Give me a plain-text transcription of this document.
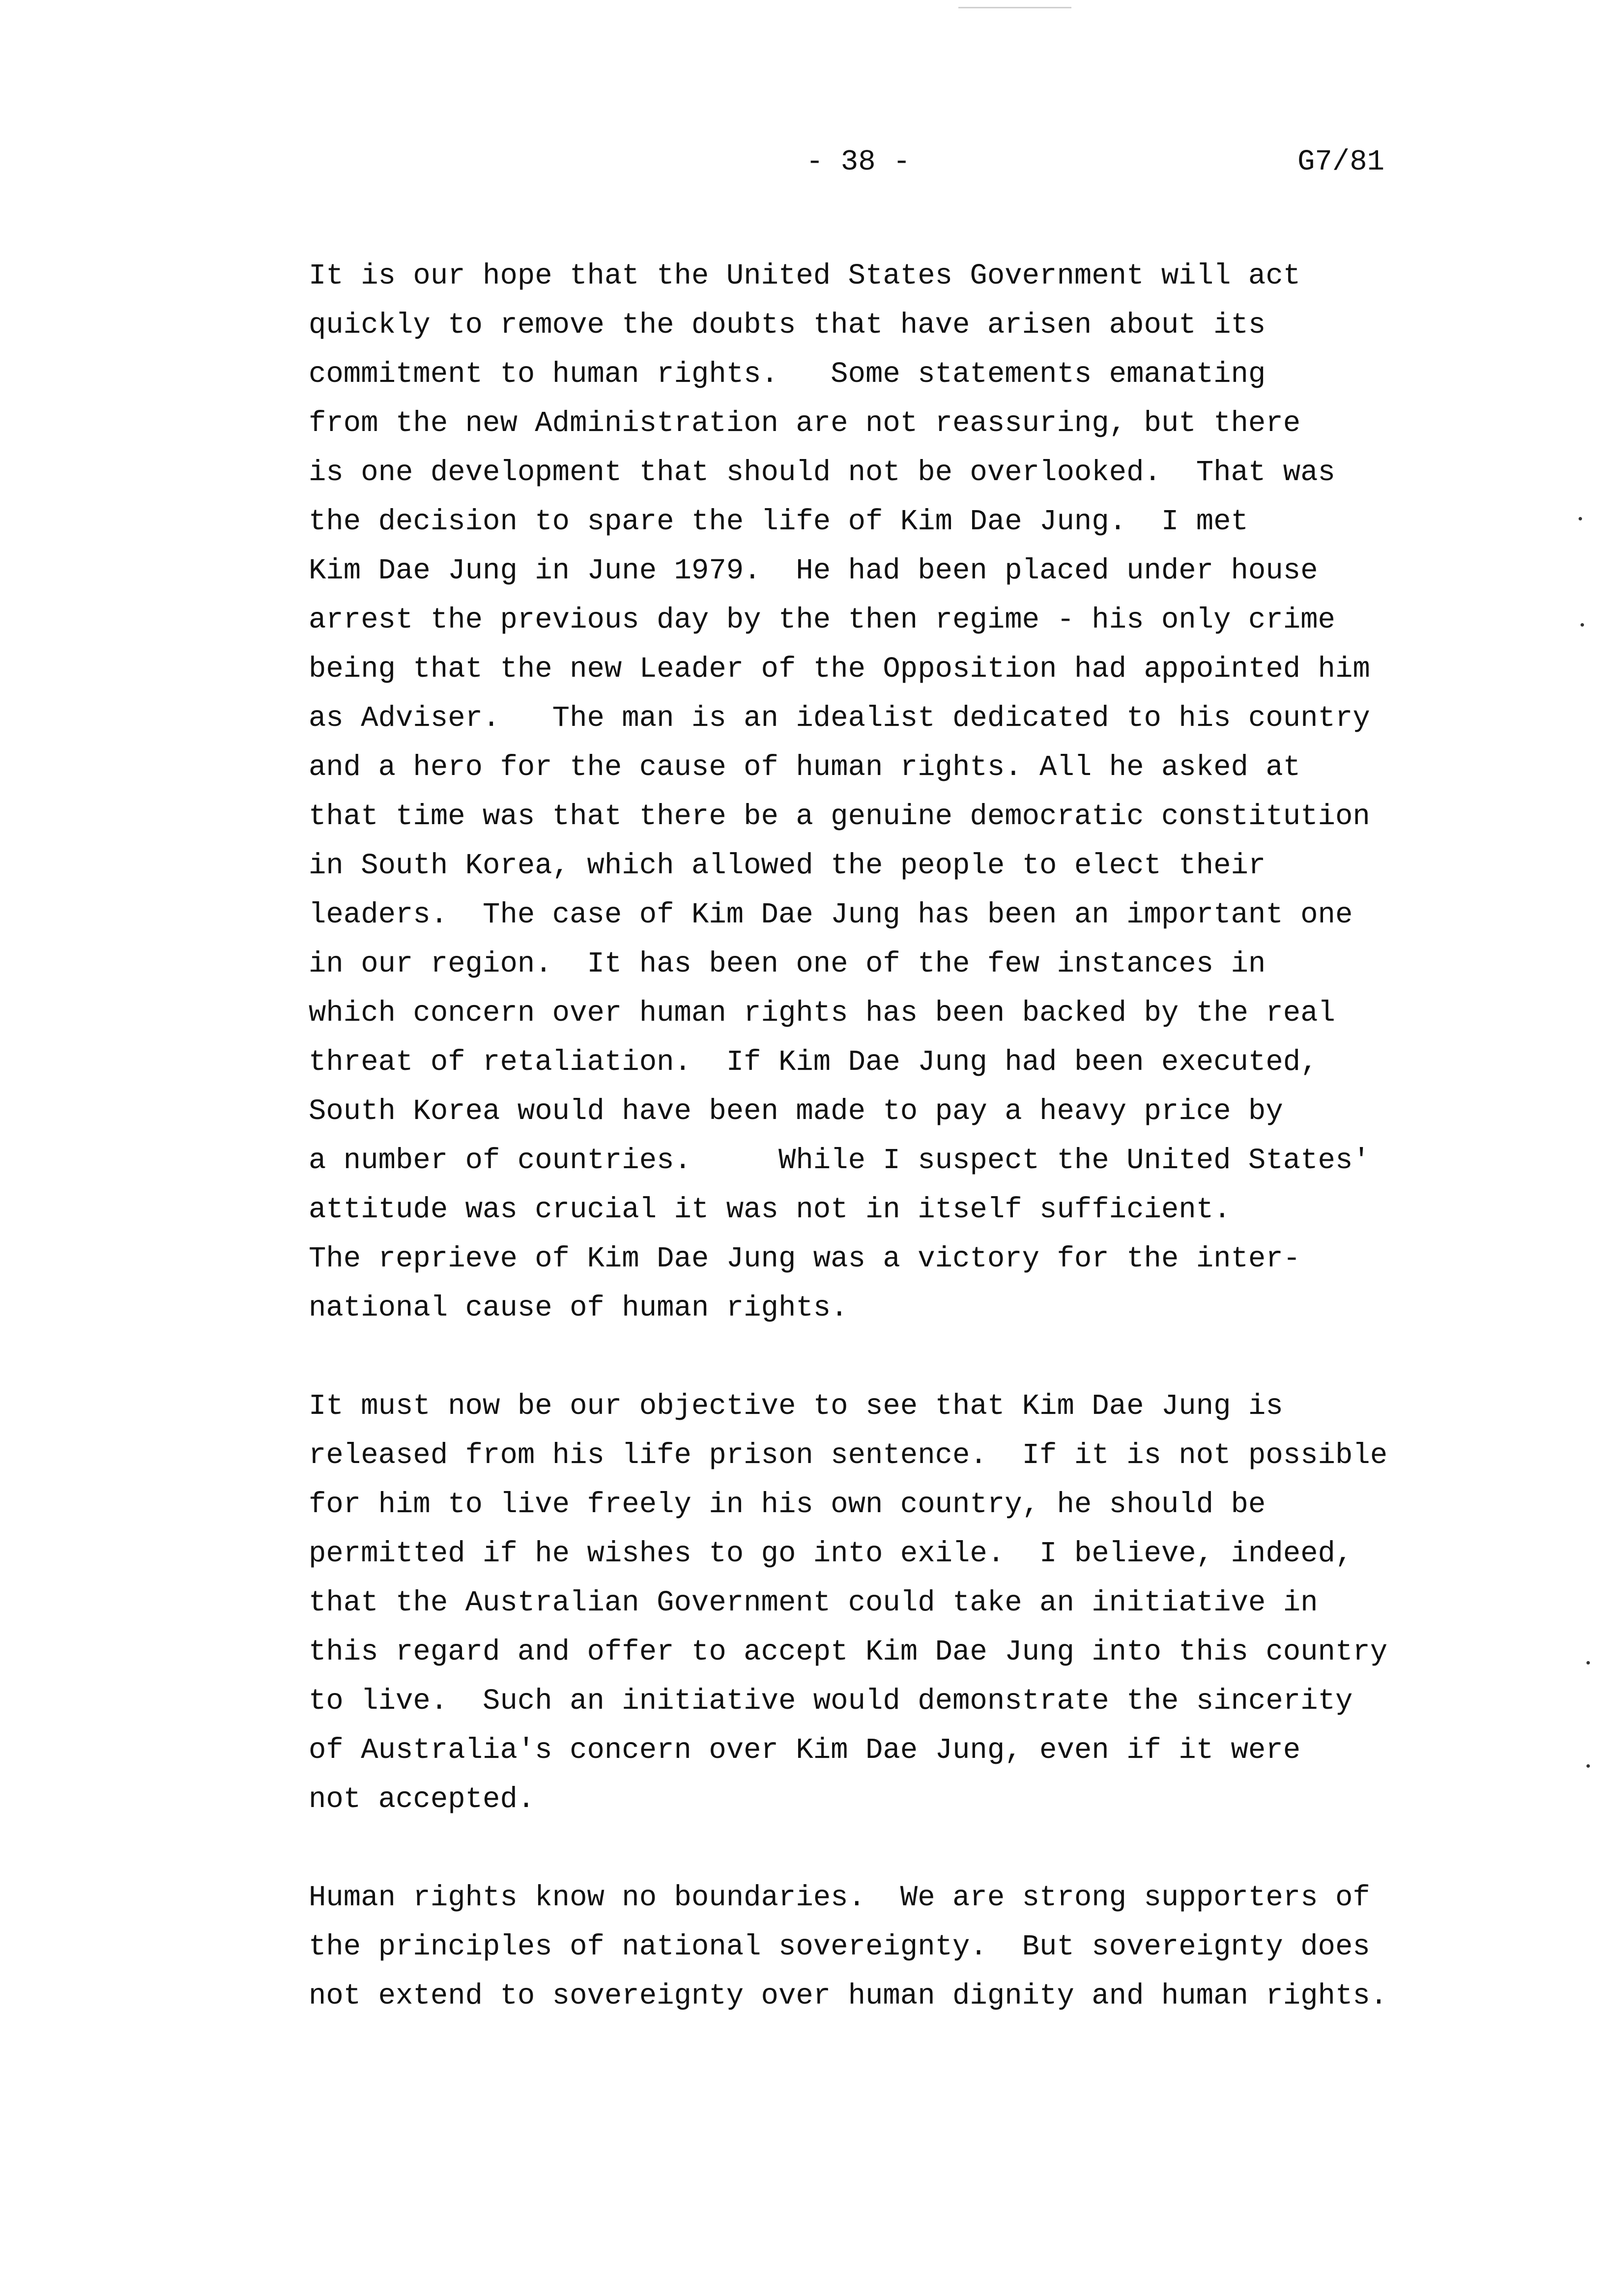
- 38 -	G7/81
It is our hope that the United States Government will act
quickly to remove the doubts that have arisen about its
commitment to human rights.   Some statements emanating
from the new Administration are not reassuring, but there
is one development that should not be overlooked.  That was
the decision to spare the life of Kim Dae Jung.  I met
Kim Dae Jung in June 1979.  He had been placed under house
arrest the previous day by the then regime - his only crime
being that the new Leader of the Opposition had appointed him
as Adviser.   The man is an idealist dedicated to his country
and a hero for the cause of human rights. All he asked at
that time was that there be a genuine democratic constitution
in South Korea, which allowed the people to elect their
leaders.  The case of Kim Dae Jung has been an important one
in our region.  It has been one of the few instances in
which concern over human rights has been backed by the real
threat of retaliation.  If Kim Dae Jung had been executed,
South Korea would have been made to pay a heavy price by
a number of countries.     While I suspect the United States'
attitude was crucial it was not in itself sufficient.
The reprieve of Kim Dae Jung was a victory for the inter-
national cause of human rights.
It must now be our objective to see that Kim Dae Jung is
released from his life prison sentence.  If it is not possible
for him to live freely in his own country, he should be
permitted if he wishes to go into exile.  I believe, indeed,
that the Australian Government could take an initiative in
this regard and offer to accept Kim Dae Jung into this country
to live.  Such an initiative would demonstrate the sincerity
of Australia's concern over Kim Dae Jung, even if it were
not accepted.
Human rights know no boundaries.  We are strong supporters of
the principles of national sovereignty.  But sovereignty does
not extend to sovereignty over human dignity and human rights.
